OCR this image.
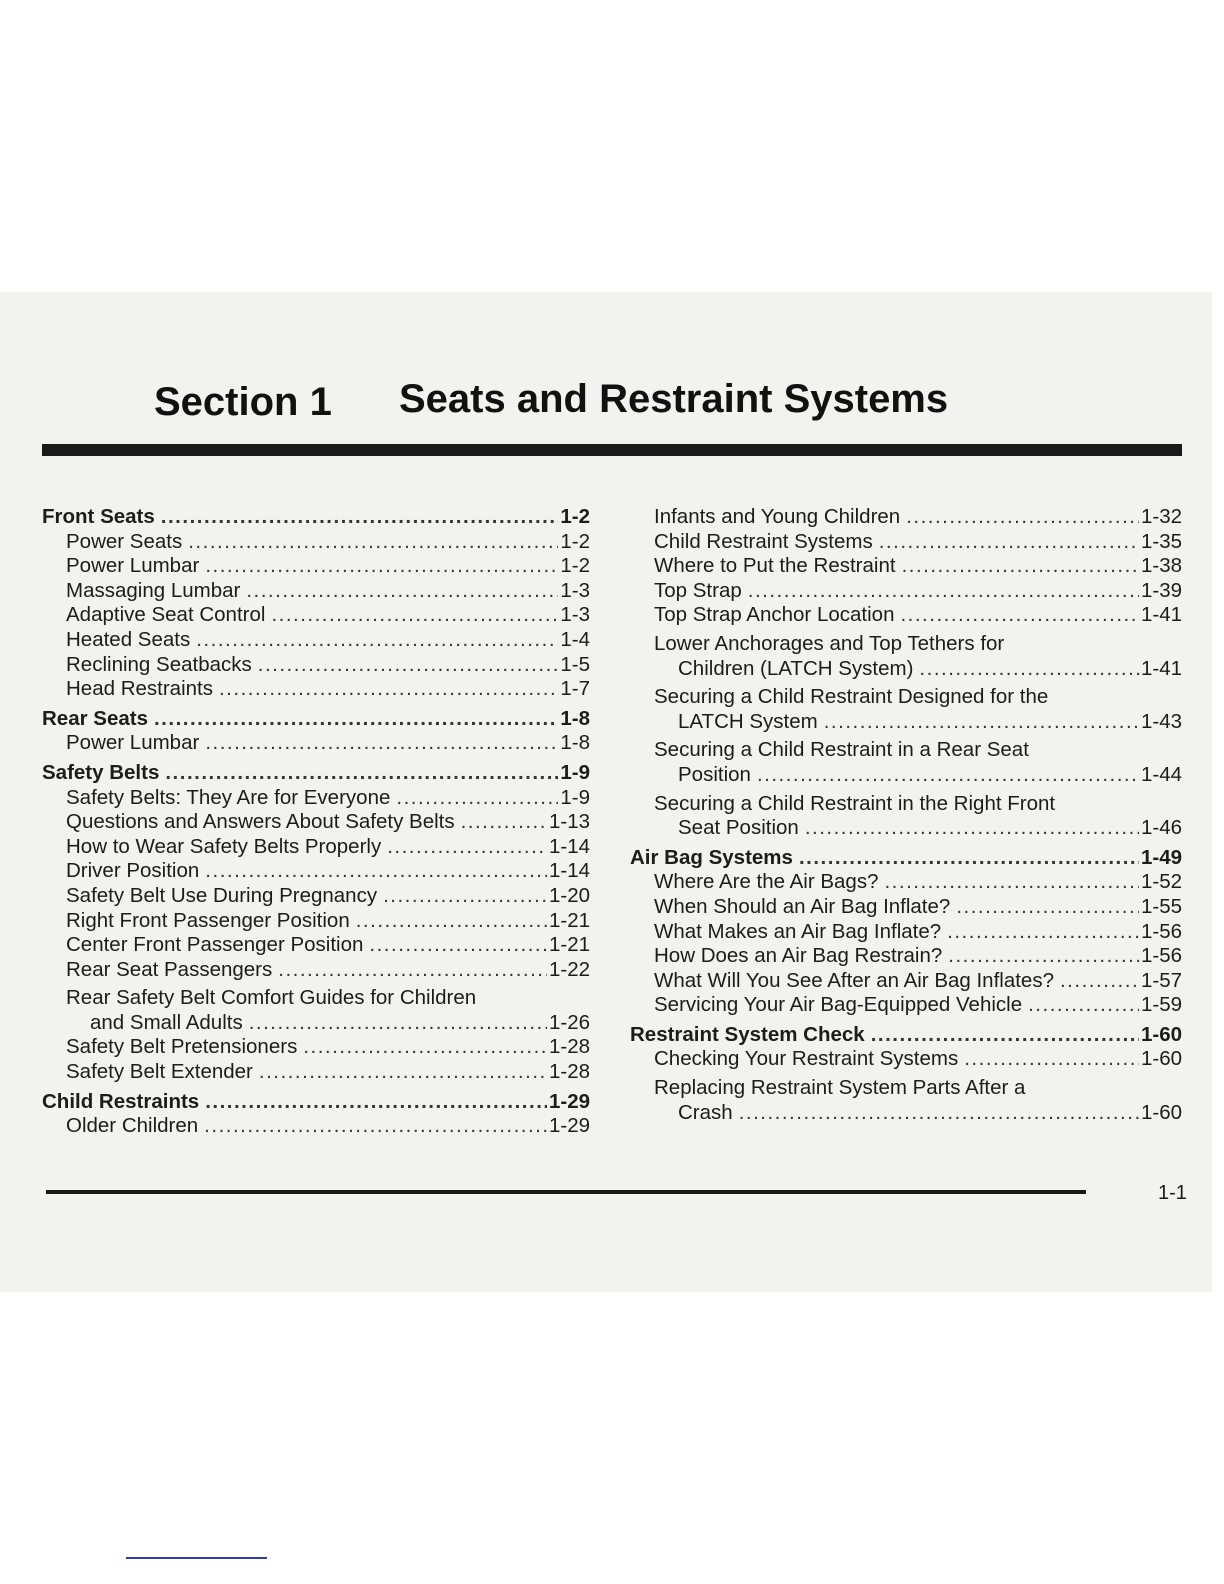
Section 1 Seats and Restraint Systems
Front Seats .....	1-2
Power Seats .....	1-2
Power Lumbar .....	1-2
Massaging Lumbar .....	1-3
Adaptive Seat Control .....	1-3
Heated Seats .....	1-4
Reclining Seatbacks .....	1-5
Head Restraints .....	1-7
Rear Seats .....	1-8
Power Lumbar .....	1-8
Safety Belts .....	1-9
Safety Belts: They Are for Everyone .....	1-9
Questions and Answers About Safety Belts .....	1-13
How to Wear Safety Belts Properly .....	1-14
Driver Position .....	1-14
Safety Belt Use During Pregnancy .....	1-20
Right Front Passenger Position .....	1-21
Center Front Passenger Position .....	1-21
Rear Seat Passengers .....	1-22
Rear Safety Belt Comfort Guides for Children
and Small Adults .....	1-26
Safety Belt Pretensioners .....	1-28
Safety Belt Extender .....	1-28
Child Restraints .....	1-29
Older Children .....	1-29
Infants and Young Children .....	1-32
Child Restraint Systems .....	1-35
Where to Put the Restraint .....	1-38
Top Strap .....	1-39
Top Strap Anchor Location .....	1-41
Lower Anchorages and Top Tethers for
Children (LATCH System) .....	1-41
Securing a Child Restraint Designed for the
LATCH System .....	1-43
Securing a Child Restraint in a Rear Seat
Position .....	1-44
Securing a Child Restraint in the Right Front
Seat Position .....	1-46
Air Bag Systems .....	1-49
Where Are the Air Bags? .....	1-52
When Should an Air Bag Inflate? .....	1-55
What Makes an Air Bag Inflate? .....	1-56
How Does an Air Bag Restrain? .....	1-56
What Will You See After an Air Bag Inflates? .....	1-57
Servicing Your Air Bag-Equipped Vehicle .....	1-59
Restraint System Check .....	1-60
Checking Your Restraint Systems .....	1-60
Replacing Restraint System Parts After a
Crash .....	1-60
1-1
